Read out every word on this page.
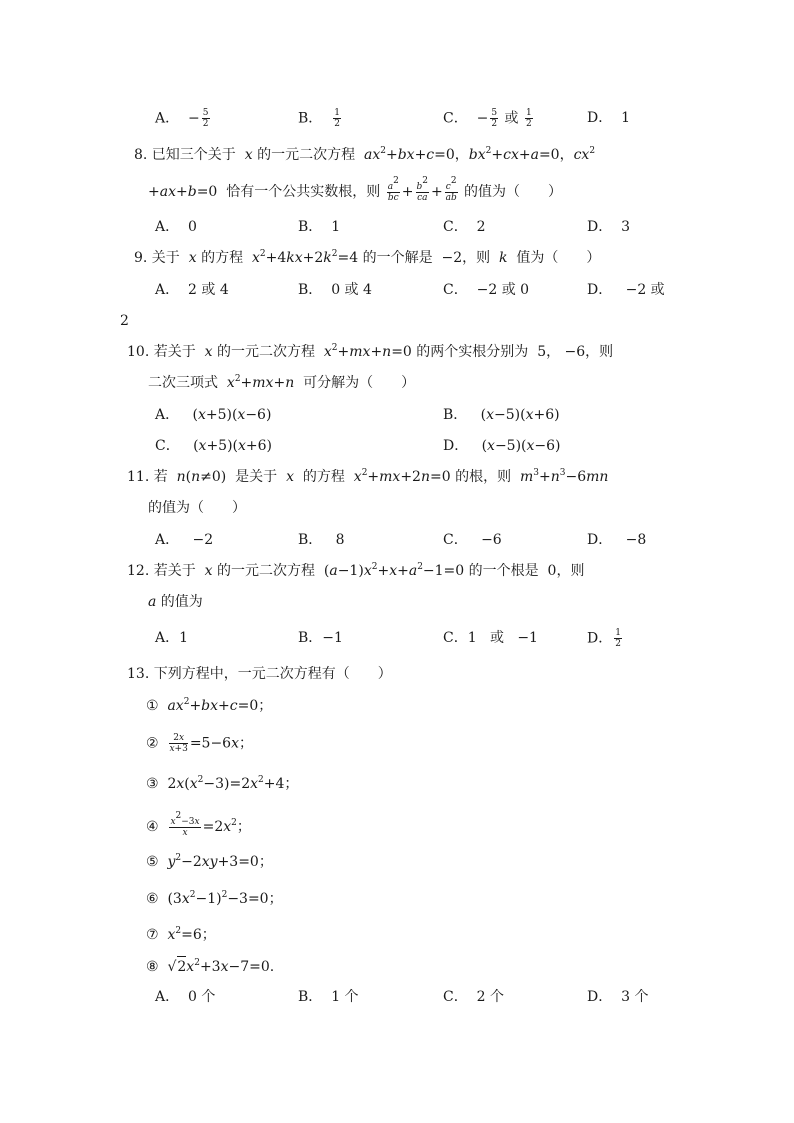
A．  − $\frac{5}{2}$	B． $\frac{1}{2}$	C．  − $\frac{5}{2}$ 或 $\frac{1}{2}$	D． 1
8. 已知三个关于  x 的一元二次方程  $ax^2+bx+c=0$，$bx^2+cx+a=0$，$cx^2$
+ax+b=0  恰有一个公共实数根，则 $\frac{a^2}{bc} + \frac{b^2}{ca} + \frac{c^2}{ab}$ 的值为（　　）
A． 0	B． 1	C． 2	D． 3
9. 关于  x 的方程  $x^2+4kx+2k^2=4$ 的一个解是  −2，则  k  值为（　　）
A． 2 或 4	B． 0 或 4	C． −2 或 0	D． −2 或
2
10. 若关于  x 的一元二次方程  $x^2+mx+n=0$ 的两个实根分别为  5， −6，则
二次三项式  $x^2+mx+n$  可分解为（　　）
A．   (x+5)(x−6)	B．   (x−5)(x+6)
C．   (x+5)(x+6)	D．   (x−5)(x−6)
11. 若  n(n≠0)  是关于  x  的方程  $x^2+mx+2n=0$ 的根，则  $m^3+n^3-6mn$
的值为（　　）
A． −2	B． 8	C． −6	D． −8
12. 若关于  x 的一元二次方程  $(a-1)x^2+x+a^2-1=0$ 的一个根是  0，则
a 的值为
A．1	B．−1	C．1   或   −1	D． $\frac{1}{2}$
13. 下列方程中，一元二次方程有（　　）
①  $ax^2+bx+c=0$；
② $\frac{2x}{x+3} =5-6x$；
③  $2x(x^2-3)=2x^2+4$；
④ $\frac{x^2-3x}{x} =2x^2$；
⑤  $y^2-2xy+3=0$；
⑥  $(3x^2-1)^2-3=0$；
⑦  $x^2=6$；
⑧  $√2x^2+3x-7=0$.
A． 0 个	B． 1 个	C． 2 个	D． 3 个
